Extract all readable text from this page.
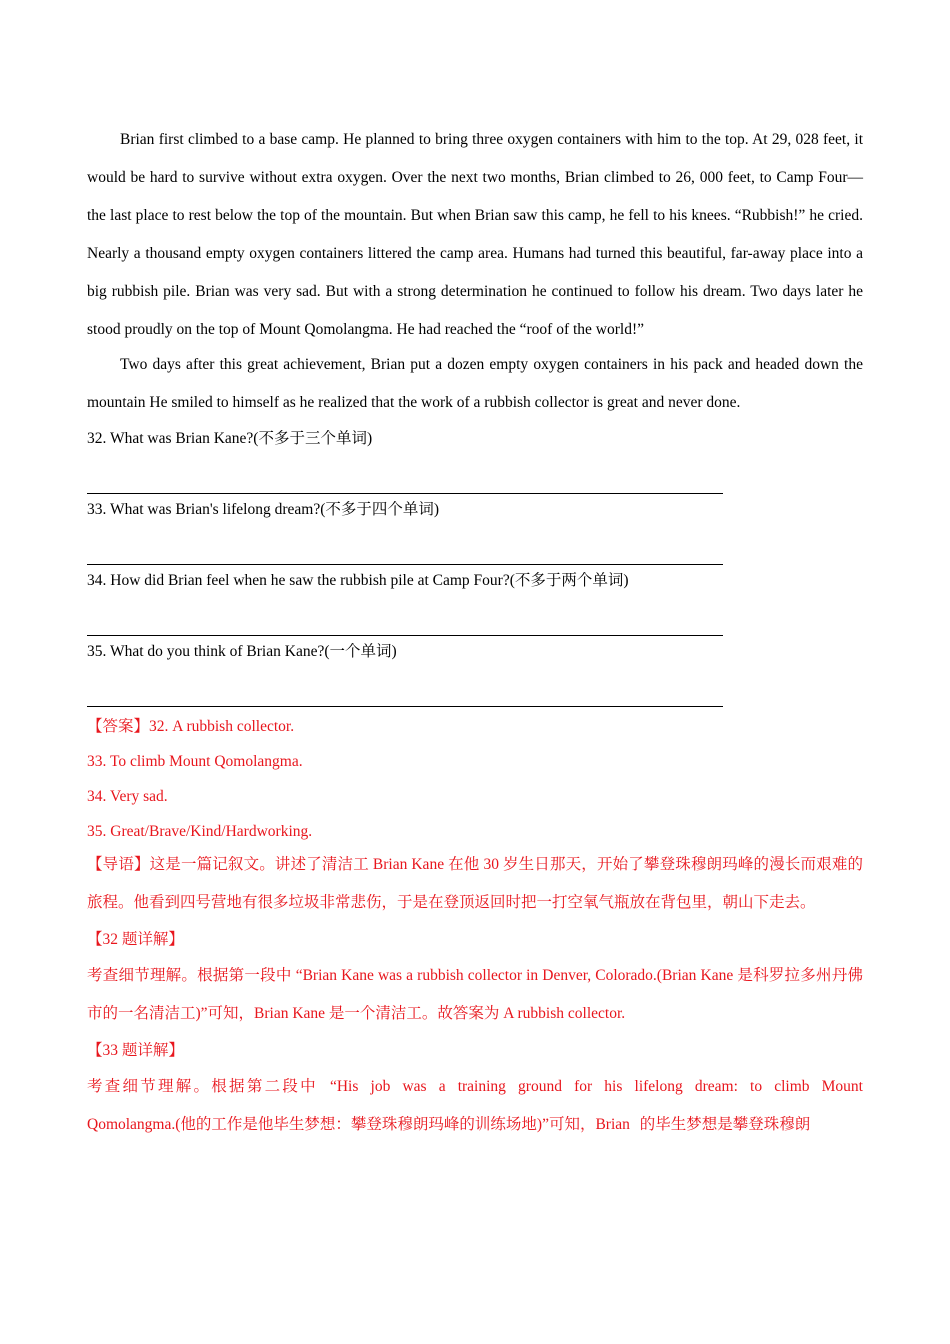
Brian first climbed to a base camp. He planned to bring three oxygen containers with him to the top. At 29, 028 feet, it would be hard to survive without extra oxygen. Over the next two months, Brian climbed to 26, 000 feet, to Camp Four—the last place to rest below the top of the mountain. But when Brian saw this camp, he fell to his knees. “Rubbish!” he cried. Nearly a thousand empty oxygen containers littered the camp area. Humans had turned this beautiful, far-away place into a big rubbish pile. Brian was very sad. But with a strong determination he continued to follow his dream. Two days later he stood proudly on the top of Mount Qomolangma. He had reached the “roof of the world!”

Two days after this great achievement, Brian put a dozen empty oxygen containers in his pack and headed down the mountain He smiled to himself as he realized that the work of a rubbish collector is great and never done.

32. What was Brian Kane?(不多于三个单词)

33. What was Brian's lifelong dream?(不多于四个单词)

34. How did Brian feel when he saw the rubbish pile at Camp Four?(不多于两个单词)

35. What do you think of Brian Kane?(一个单词)

【答案】32. A rubbish collector.

33. To climb Mount Qomolangma.

34. Very sad.

35. Great/Brave/Kind/Hardworking.

【导语】这是一篇记叙文。讲述了清洁工 Brian Kane 在他 30 岁生日那天，开始了攀登珠穆朗玛峰的漫长而艰难的旅程。他看到四号营地有很多垃圾非常悲伤，于是在登顶返回时把一打空氧气瓶放在背包里，朝山下走去。

【32 题详解】

考查细节理解。根据第一段中 “Brian Kane was a rubbish collector in Denver, Colorado.(Brian Kane 是科罗拉多州丹佛市的一名清洁工)”可知，Brian Kane 是一个清洁工。故答案为 A rubbish collector.

【33 题详解】

考查细节理解。根据第二段中 “His job was a training ground for his lifelong dream: to climb Mount Qomolangma.(他的工作是他毕生梦想：攀登珠穆朗玛峰的训练场地)”可知，Brian 的毕生梦想是攀登珠穆朗
